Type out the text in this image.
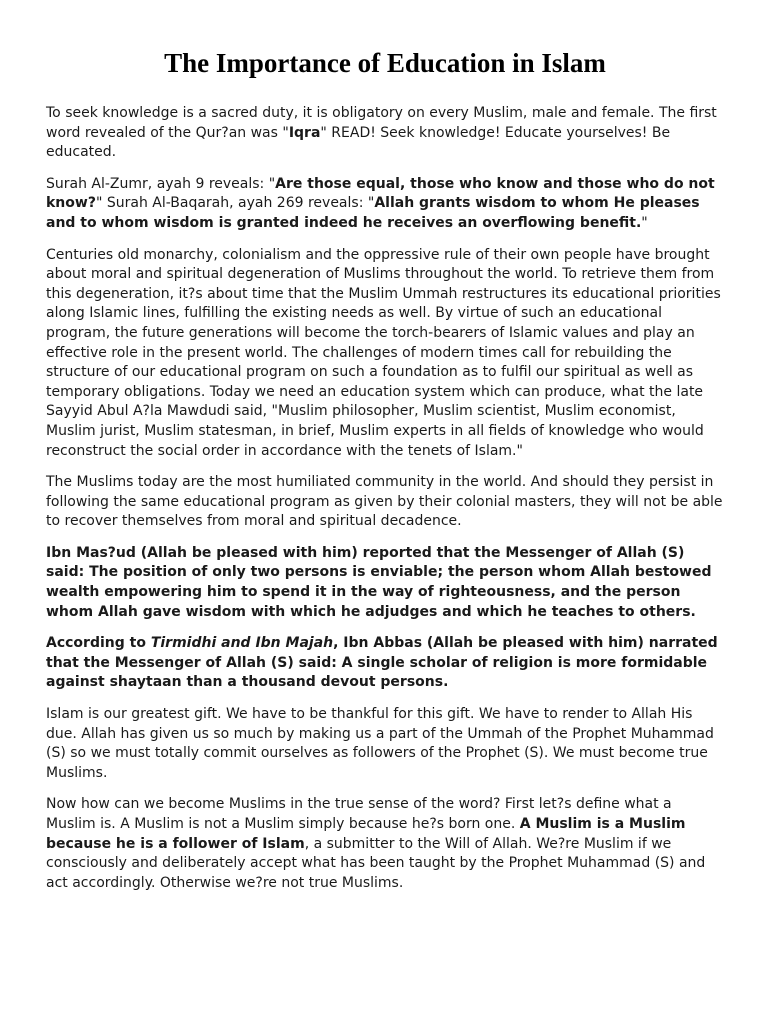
The Importance of Education in Islam

To seek knowledge is a sacred duty, it is obligatory on every Muslim, male and female. The first word revealed of the Qur?an was "Iqra" READ! Seek knowledge! Educate yourselves! Be educated.

Surah Al-Zumr, ayah 9 reveals: "Are those equal, those who know and those who do not know?" Surah Al-Baqarah, ayah 269 reveals: "Allah grants wisdom to whom He pleases and to whom wisdom is granted indeed he receives an overflowing benefit."

Centuries old monarchy, colonialism and the oppressive rule of their own people have brought about moral and spiritual degeneration of Muslims throughout the world. To retrieve them from this degeneration, it?s about time that the Muslim Ummah restructures its educational priorities along Islamic lines, fulfilling the existing needs as well. By virtue of such an educational program, the future generations will become the torch-bearers of Islamic values and play an effective role in the present world. The challenges of modern times call for rebuilding the structure of our educational program on such a foundation as to fulfil our spiritual as well as temporary obligations. Today we need an education system which can produce, what the late Sayyid Abul A?la Mawdudi said, "Muslim philosopher, Muslim scientist, Muslim economist, Muslim jurist, Muslim statesman, in brief, Muslim experts in all fields of knowledge who would reconstruct the social order in accordance with the tenets of Islam."

The Muslims today are the most humiliated community in the world. And should they persist in following the same educational program as given by their colonial masters, they will not be able to recover themselves from moral and spiritual decadence.

Ibn Mas?ud (Allah be pleased with him) reported that the Messenger of Allah (S) said: The position of only two persons is enviable; the person whom Allah bestowed wealth empowering him to spend it in the way of righteousness, and the person whom Allah gave wisdom with which he adjudges and which he teaches to others.

According to Tirmidhi and Ibn Majah, Ibn Abbas (Allah be pleased with him) narrated that the Messenger of Allah (S) said: A single scholar of religion is more formidable against shaytaan than a thousand devout persons.

Islam is our greatest gift. We have to be thankful for this gift. We have to render to Allah His due. Allah has given us so much by making us a part of the Ummah of the Prophet Muhammad (S) so we must totally commit ourselves as followers of the Prophet (S). We must become true Muslims.

Now how can we become Muslims in the true sense of the word? First let?s define what a Muslim is. A Muslim is not a Muslim simply because he?s born one. A Muslim is a Muslim because he is a follower of Islam, a submitter to the Will of Allah. We?re Muslim if we consciously and deliberately accept what has been taught by the Prophet Muhammad (S) and act accordingly. Otherwise we?re not true Muslims.
